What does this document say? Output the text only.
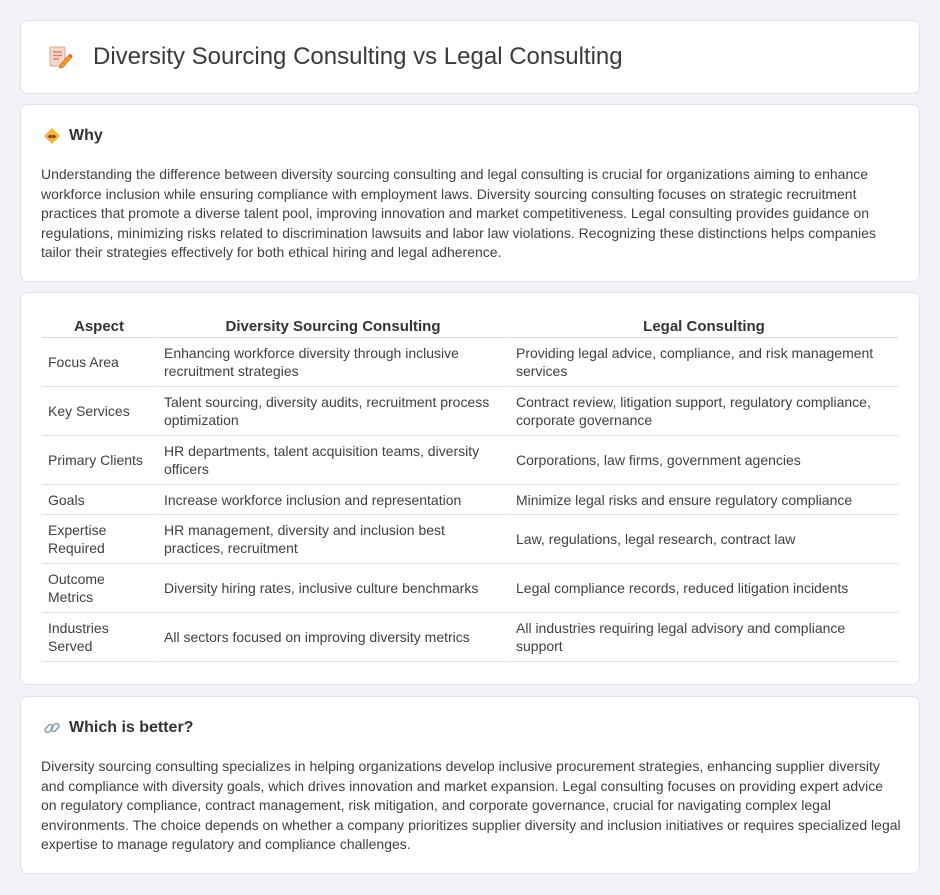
Diversity Sourcing Consulting vs Legal Consulting
Why

Understanding the difference between diversity sourcing consulting and legal consulting is crucial for organizations aiming to enhance workforce inclusion while ensuring compliance with employment laws. Diversity sourcing consulting focuses on strategic recruitment practices that promote a diverse talent pool, improving innovation and market competitiveness. Legal consulting provides guidance on regulations, minimizing risks related to discrimination lawsuits and labor law violations. Recognizing these distinctions helps companies tailor their strategies effectively for both ethical hiring and legal adherence.

Aspect	Diversity Sourcing Consulting	Legal Consulting
Focus Area	Enhancing workforce diversity through inclusive recruitment strategies	Providing legal advice, compliance, and risk management services
Key Services	Talent sourcing, diversity audits, recruitment process optimization	Contract review, litigation support, regulatory compliance, corporate governance
Primary Clients	HR departments, talent acquisition teams, diversity officers	Corporations, law firms, government agencies
Goals	Increase workforce inclusion and representation	Minimize legal risks and ensure regulatory compliance
Expertise Required	HR management, diversity and inclusion best practices, recruitment	Law, regulations, legal research, contract law
Outcome Metrics	Diversity hiring rates, inclusive culture benchmarks	Legal compliance records, reduced litigation incidents
Industries Served	All sectors focused on improving diversity metrics	All industries requiring legal advisory and compliance support
Which is better?

Diversity sourcing consulting specializes in helping organizations develop inclusive procurement strategies, enhancing supplier diversity and compliance with diversity goals, which drives innovation and market expansion. Legal consulting focuses on providing expert advice on regulatory compliance, contract management, risk mitigation, and corporate governance, crucial for navigating complex legal environments. The choice depends on whether a company prioritizes supplier diversity and inclusion initiatives or requires specialized legal expertise to manage regulatory and compliance challenges.
